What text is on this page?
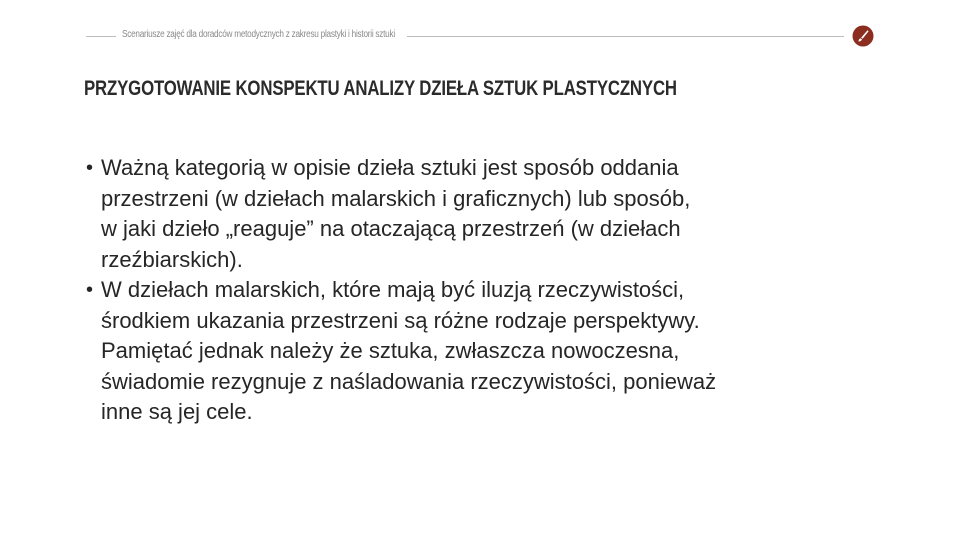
Scenariusze zajęć dla doradców metodycznych z zakresu plastyki i historii sztuki
PRZYGOTOWANIE KONSPEKTU ANALIZY DZIEŁA SZTUK PLASTYCZNYCH
• Ważną kategorią w opisie dzieła sztuki jest sposób oddania
przestrzeni (w dziełach malarskich i graficznych) lub sposób,
w jaki dzieło „reaguje” na otaczającą przestrzeń (w dziełach
rzeźbiarskich).
• W dziełach malarskich, które mają być iluzją rzeczywistości,
środkiem ukazania przestrzeni są różne rodzaje perspektywy.
Pamiętać jednak należy że sztuka, zwłaszcza nowoczesna,
świadomie rezygnuje z naśladowania rzeczywistości, ponieważ
inne są jej cele.
